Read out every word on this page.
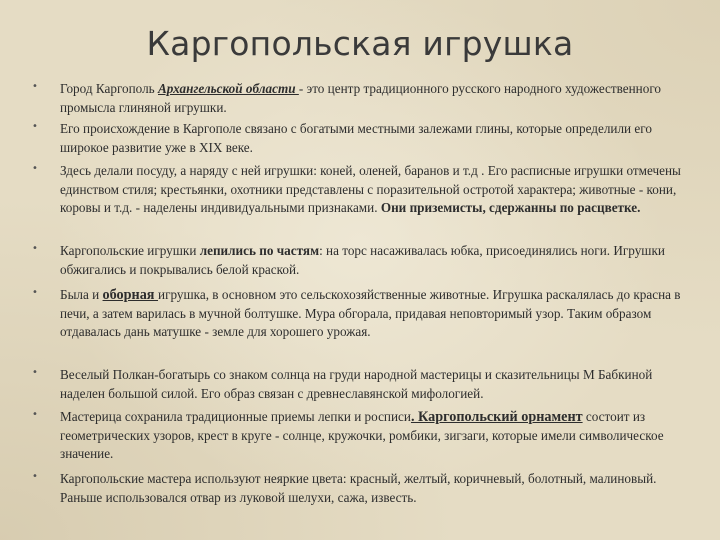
Каргопольская игрушка
• Город Каргополь Архангельской области - это центр традиционного русского народного художественного промысла глиняной игрушки.
• Его происхождение в Каргополе связано с богатыми местными залежами глины, которые определили его широкое развитие уже в XIX веке.
• Здесь делали посуду, а наряду с ней игрушки: коней, оленей, баранов и т.д . Его расписные игрушки отмечены единством стиля; крестьянки, охотники представлены с поразительной остротой характера; животные - кони, коровы и т.д. - наделены индивидуальными признаками. Они приземисты, сдержанны по расцветке.
• Каргопольские игрушки лепились по частям: на торс насаживалась юбка, присоединялись ноги. Игрушки обжигались и покрывались белой краской.
• Была и оборная игрушка, в основном это сельскохозяйственные животные. Игрушка раскалялась до красна в печи, а затем варилась в мучной болтушке. Мура обгорала, придавая неповторимый узор. Таким образом отдавалась дань матушке - земле для хорошего урожая.
• Веселый Полкан-богатырь со знаком солнца на груди народной мастерицы и сказительницы М Бабкиной наделен большой силой. Его образ связан с древнеславянской мифологией.
• Мастерица сохранила традиционные приемы лепки и росписи. Каргопольский орнамент состоит из геометрических узоров, крест в круге - солнце, кружочки, ромбики, зигзаги, которые имели символическое значение.
• Каргопольские мастера используют неяркие цвета: красный, желтый, коричневый, болотный, малиновый. Раньше использовался отвар из луковой шелухи, сажа, известь.
